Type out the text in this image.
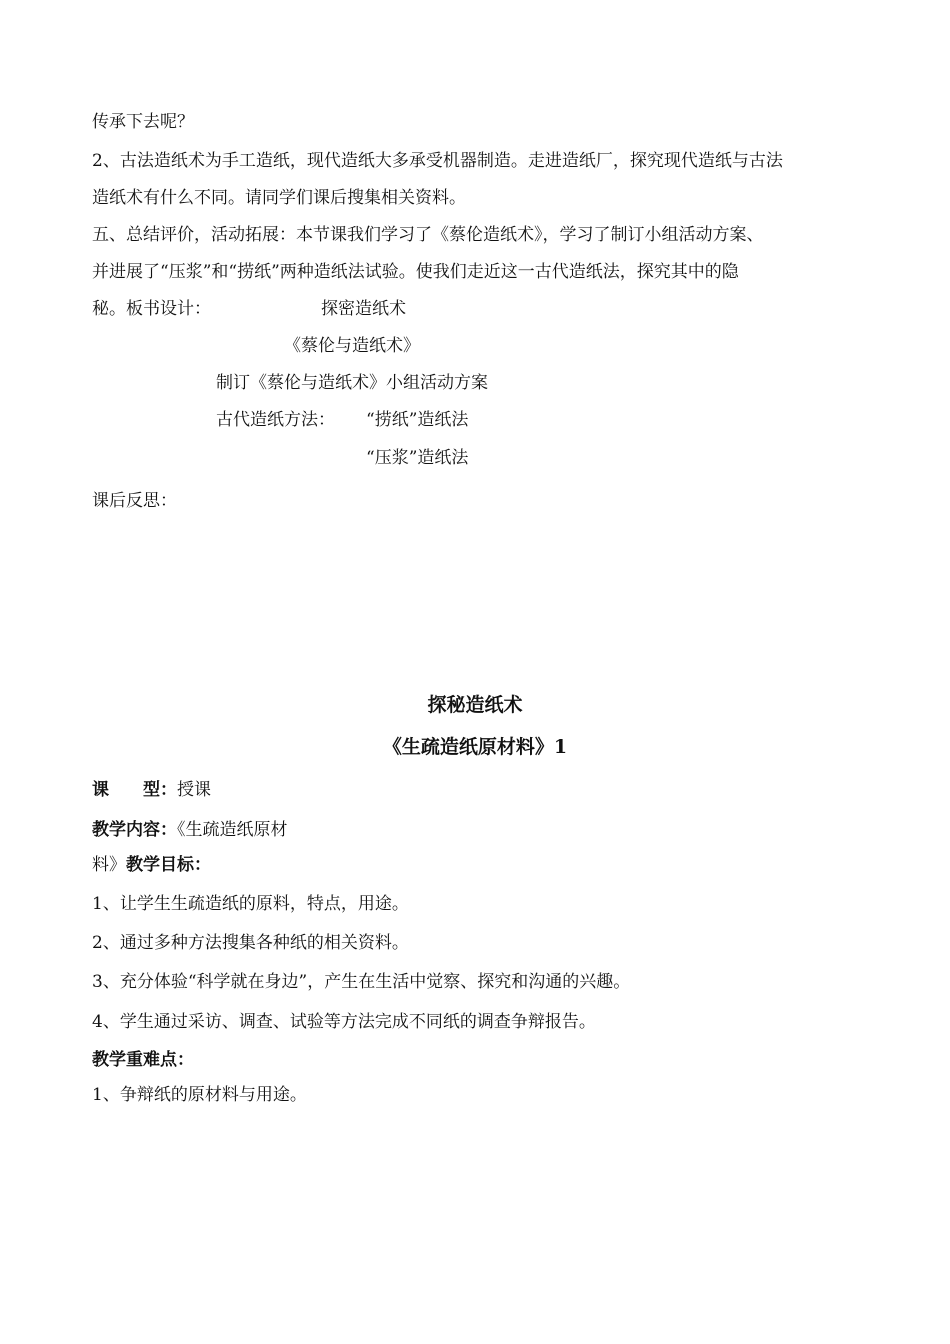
传承下去呢？
2、古法造纸术为手工造纸，现代造纸大多承受机器制造。走进造纸厂，探究现代造纸与古法
造纸术有什么不同。请同学们课后搜集相关资料。
五、总结评价，活动拓展：本节课我们学习了《蔡伦造纸术》，学习了制订小组活动方案、
并进展了“压浆”和“捞纸”两种造纸法试验。使我们走近这一古代造纸法，探究其中的隐
秘。板书设计：	探密造纸术
《蔡伦与造纸术》
制订《蔡伦与造纸术》小组活动方案
古代造纸方法： “捞纸”造纸法
“压浆”造纸法
课后反思：
探秘造纸术
《生疏造纸原材料》1
课　　型：授课
教学内容：《生疏造纸原材
料》教学目标：
1、让学生生疏造纸的原料，特点，用途。
2、通过多种方法搜集各种纸的相关资料。
3、充分体验“科学就在身边”，产生在生活中觉察、探究和沟通的兴趣。
4、学生通过采访、调查、试验等方法完成不同纸的调查争辩报告。
教学重难点：
1、争辩纸的原材料与用途。
